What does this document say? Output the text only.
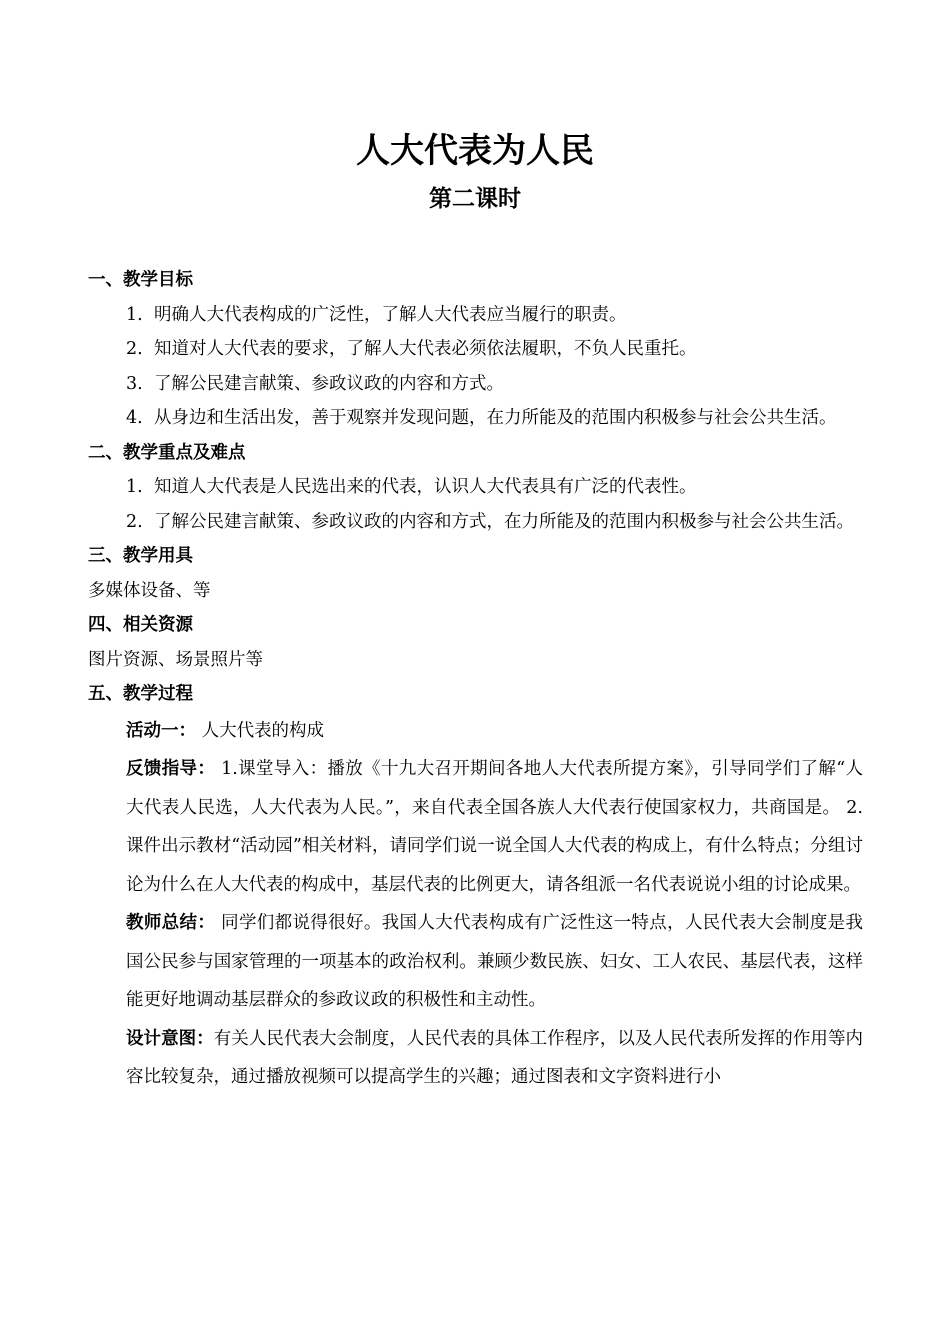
人大代表为人民
第二课时
一、教学目标
1. 明确人大代表构成的广泛性，了解人大代表应当履行的职责。
2. 知道对人大代表的要求，了解人大代表必须依法履职，不负人民重托。
3. 了解公民建言献策、参政议政的内容和方式。
4. 从身边和生活出发，善于观察并发现问题，在力所能及的范围内积极参与社会公共生活。
二、教学重点及难点
1. 知道人大代表是人民选出来的代表，认识人大代表具有广泛的代表性。
2. 了解公民建言献策、参政议政的内容和方式，在力所能及的范围内积极参与社会公共生活。
三、教学用具
多媒体设备、等
四、相关资源
图片资源、场景照片等
五、教学过程
活动一： 人大代表的构成
反馈指导： 1.课堂导入：播放《十九大召开期间各地人大代表所提方案》，引导同学们了解“人大代表人民选，人大代表为人民。”，来自代表全国各族人大代表行使国家权力，共商国是。 2.课件出示教材“活动园”相关材料，请同学们说一说全国人大代表的构成上，有什么特点；分组讨论为什么在人大代表的构成中，基层代表的比例更大，请各组派一名代表说说小组的讨论成果。
教师总结： 同学们都说得很好。我国人大代表构成有广泛性这一特点，人民代表大会制度是我国公民参与国家管理的一项基本的政治权利。兼顾少数民族、妇女、工人农民、基层代表，这样能更好地调动基层群众的参政议政的积极性和主动性。
设计意图：有关人民代表大会制度，人民代表的具体工作程序，以及人民代表所发挥的作用等内容比较复杂，通过播放视频可以提高学生的兴趣；通过图表和文字资料进行小
